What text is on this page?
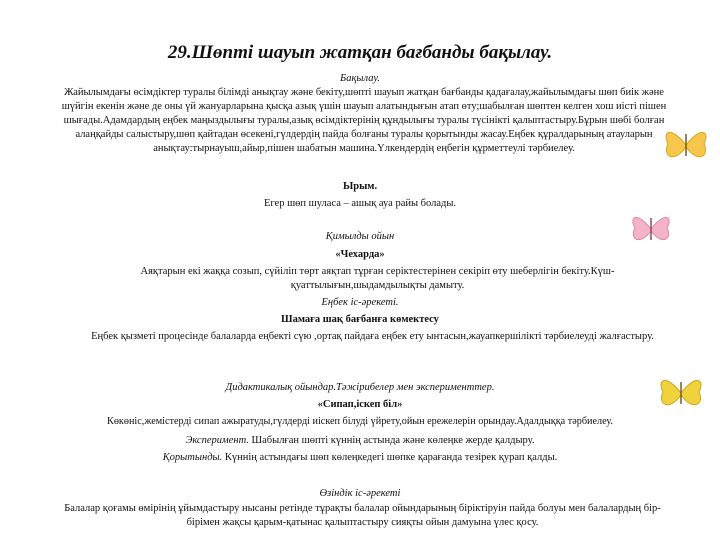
29.Шөпті шауып жатқан бағбанды бақылау.
Бақылау.
Жайылымдағы өсімдіктер туралы білімді анықтау және бекіту,шөпті шауып жатқан бағбанды қадағалау,жайылымдағы шөп биік және шүйгін екенін және де оны үй жануарларына қысқа азық үшін шауып алатындығын атап өту;шабылған шөптен келген хош иісті пішен шығады.Адамдардың еңбек маңыздылығы туралы,азық өсімдіктерінің құндылығы туралы түсінікті қалыптастыру.Бұрын шөбі болған алаңқайды салыстыру,шөп қайтадан өсекені,гүлдердің пайда болғаны туралы қорытынды жасау.Еңбек құралдарының атауларын анықтау:тырнауыш,айыр,пішен шабатын машина.Үлкендердің еңбегін құрметтеулі тәрбиелеу.
Ырым.
Егер шөп шуласа – ашық ауа райы болады.
Қимылды ойын
«Чехарда»
Аяқтарын екі жаққа созып, сүйіліп төрт аяқтап тұрған серіктестерінен секіріп өту шеберлігін бекіту.Күш-қуаттылығын,шыдамдылықты дамыту.
Еңбек іс-әрекеті.
Шамаға шақ бағбанға көмектесу
Еңбек қызметі процесінде балаларда еңбекті сүю ,ортақ пайдаға еңбек ету ынтасын,жауапкершілікті тәрбиелеуді жалғастыру.
Дидактикалық ойындар.Тәжірибелер мен эксперименттер.
«Сипап,іскеп біл»
Көкөніс,жемістерді сипап ажыратуды,гүлдерді иіскеп білуді үйрету,ойын ережелерін орындау.Адалдыққа тәрбиелеу.
Эксперимент. Шабылған шөпті күннің астында және көлеңке жерде қалдыру.
Қорытынды. Күннің астындағы шөп көлеңкедегі шөпке қарағанда тезірек қурап қалды.
Өзіндік іс-әрекеті
Балалар қоғамы өмірінің ұйымдастыру нысаны ретінде тұрақты балалар ойындарының біріктіруін пайда болуы мен балалардың бір-бірімен жақсы қарым-қатынас қалыптастыру сияқты ойын дамуына үлес қосу.
